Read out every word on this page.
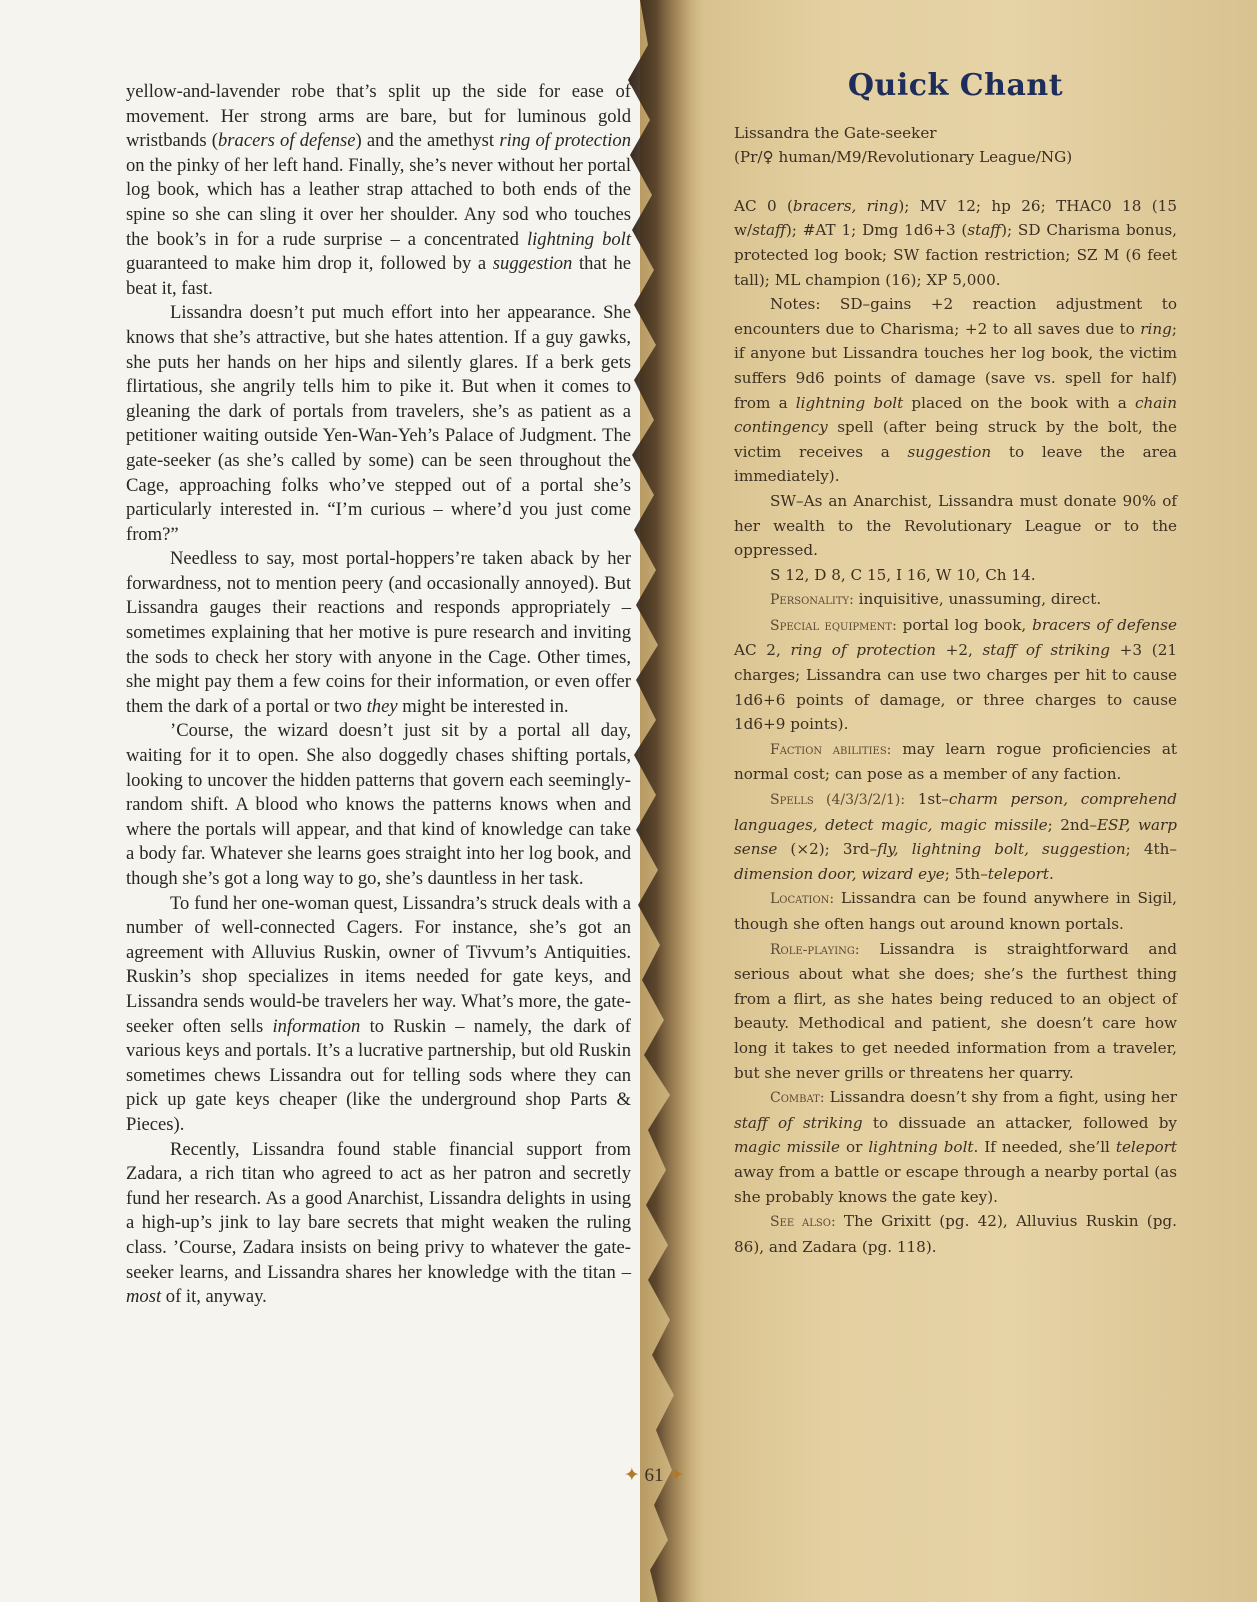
yellow-and-lavender robe that’s split up the side for ease of movement. Her strong arms are bare, but for luminous gold wristbands (bracers of defense) and the amethyst ring of protection on the pinky of her left hand. Finally, she’s never without her portal log book, which has a leather strap attached to both ends of the spine so she can sling it over her shoulder. Any sod who touches the book’s in for a rude surprise – a concentrated lightning bolt guaranteed to make him drop it, followed by a suggestion that he beat it, fast.

Lissandra doesn’t put much effort into her appearance. She knows that she’s attractive, but she hates attention. If a guy gawks, she puts her hands on her hips and silently glares. If a berk gets flirtatious, she angrily tells him to pike it. But when it comes to gleaning the dark of portals from travelers, she’s as patient as a petitioner waiting outside Yen-Wan-Yeh’s Palace of Judgment. The gate-seeker (as she’s called by some) can be seen throughout the Cage, approaching folks who’ve stepped out of a portal she’s particularly interested in. “I’m curious – where’d you just come from?”

Needless to say, most portal-hoppers’re taken aback by her forwardness, not to mention peery (and occasionally annoyed). But Lissandra gauges their reactions and responds appropriately – sometimes explaining that her motive is pure research and inviting the sods to check her story with anyone in the Cage. Other times, she might pay them a few coins for their information, or even offer them the dark of a portal or two they might be interested in.

’Course, the wizard doesn’t just sit by a portal all day, waiting for it to open. She also doggedly chases shifting portals, looking to uncover the hidden patterns that govern each seemingly-random shift. A blood who knows the patterns knows when and where the portals will appear, and that kind of knowledge can take a body far. Whatever she learns goes straight into her log book, and though she’s got a long way to go, she’s dauntless in her task.

To fund her one-woman quest, Lissandra’s struck deals with a number of well-connected Cagers. For instance, she’s got an agreement with Alluvius Ruskin, owner of Tivvum’s Antiquities. Ruskin’s shop specializes in items needed for gate keys, and Lissandra sends would-be travelers her way. What’s more, the gate-seeker often sells information to Ruskin – namely, the dark of various keys and portals. It’s a lucrative partnership, but old Ruskin sometimes chews Lissandra out for telling sods where they can pick up gate keys cheaper (like the underground shop Parts & Pieces).

Recently, Lissandra found stable financial support from Zadara, a rich titan who agreed to act as her patron and secretly fund her research. As a good Anarchist, Lissandra delights in using a high-up’s jink to lay bare secrets that might weaken the ruling class. ’Course, Zadara insists on being privy to whatever the gate-seeker learns, and Lissandra shares her knowledge with the titan – most of it, anyway.

Quick Chant
Lissandra the Gate-seeker
(Pr/♀ human/M9/Revolutionary League/NG)

AC 0 (bracers, ring); MV 12; hp 26; THAC0 18 (15 w/staff); #AT 1; Dmg 1d6+3 (staff); SD Charisma bonus, protected log book; SW faction restriction; SZ M (6 feet tall); ML champion (16); XP 5,000.

Notes: SD–gains +2 reaction adjustment to encounters due to Charisma; +2 to all saves due to ring; if anyone but Lissandra touches her log book, the victim suffers 9d6 points of damage (save vs. spell for half) from a lightning bolt placed on the book with a chain contingency spell (after being struck by the bolt, the victim receives a suggestion to leave the area immediately).

SW–As an Anarchist, Lissandra must donate 90% of her wealth to the Revolutionary League or to the oppressed.

S 12, D 8, C 15, I 16, W 10, Ch 14.

Personality: inquisitive, unassuming, direct.

Special equipment: portal log book, bracers of defense AC 2, ring of protection +2, staff of striking +3 (21 charges; Lissandra can use two charges per hit to cause 1d6+6 points of damage, or three charges to cause 1d6+9 points).

Faction abilities: may learn rogue proficiencies at normal cost; can pose as a member of any faction.

Spells (4/3/3/2/1): 1st–charm person, comprehend languages, detect magic, magic missile; 2nd–ESP, warp sense (×2); 3rd–fly, lightning bolt, suggestion; 4th–dimension door, wizard eye; 5th–teleport.

Location: Lissandra can be found anywhere in Sigil, though she often hangs out around known portals.

Role-playing: Lissandra is straightforward and serious about what she does; she’s the furthest thing from a flirt, as she hates being reduced to an object of beauty. Methodical and patient, she doesn’t care how long it takes to get needed information from a traveler, but she never grills or threatens her quarry.

Combat: Lissandra doesn’t shy from a fight, using her staff of striking to dissuade an attacker, followed by magic missile or lightning bolt. If needed, she’ll teleport away from a battle or escape through a nearby portal (as she probably knows the gate key).

See also: The Grixitt (pg. 42), Alluvius Ruskin (pg. 86), and Zadara (pg. 118).

✦ 61 ✦
